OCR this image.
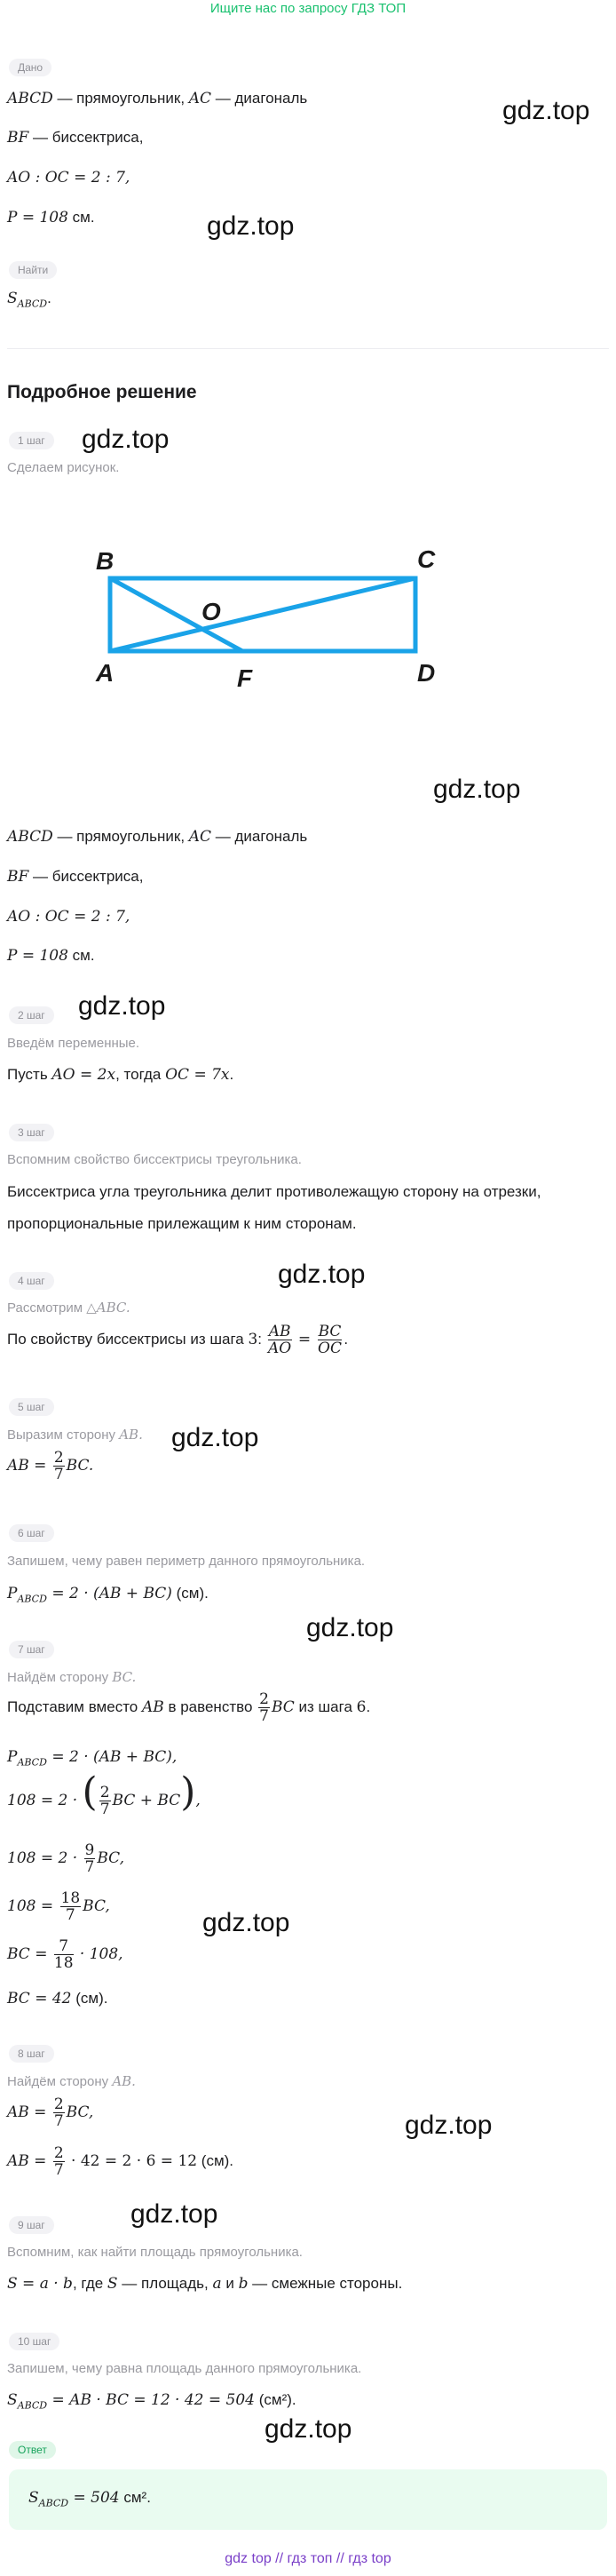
Ищите нас по запросу ГДЗ ТОП
Дано
ABCD — прямоугольник, AC — диагональ
BF — биссектриса,
AO : OC = 2 : 7,
P = 108 см.
Найти
$S_{ABCD}$.
gdz.top
gdz.top
Подробное решение
1 шаг	gdz.top
Сделаем рисунок.
B	C
O
A	F	D
gdz.top
ABCD — прямоугольник, AC — диагональ
BF — биссектриса,
AO : OC = 2 : 7,
P = 108 см.
2 шаг	gdz.top
Введём переменные.
Пусть AO = 2x, тогда OC = 7x.
3 шаг
Вспомним свойство биссектрисы треугольника.
Биссектриса угла треугольника делит противолежащую сторону на отрезки,
пропорциональные прилежащим к ним сторонам.
gdz.top
4 шаг
Рассмотрим △ABC.
По свойству биссектрисы из шага 3: $\frac{AB}{AO} = \frac{BC}{OC}$ .
5 шаг
gdz.top
Выразим сторону AB.
AB = $\frac{2}{7}$ BC.
6 шаг
Запишем, чему равен периметр данного прямоугольника.
$P_{ABCD} = 2 \cdot (AB + BC)$ (см).
gdz.top
7 шаг
Найдём сторону BC.
Подставим вместо AB в равенство $\frac{2}{7}$ BC из шага 6.
$P_{ABCD} = 2 \cdot (AB + BC)$,
108 = 2 · ( $\frac{2}{7}$ BC + BC),
$108 = 2 \cdot \frac{9}{7}$ BC,
$108 = \frac{18}{7}$ BC,
gdz.top
BC = $\frac{7}{18} \cdot 108$,
BC = 42 (см).
8 шаг
Найдём сторону AB.
gdz.top
AB = $\frac{2}{7}$ BC,
AB = $\frac{2}{7} \cdot 42 = 2 \cdot 6 = 12$ (см).
gdz.top
9 шаг
Вспомним, как найти площадь прямоугольника.
S = a · b, где S — площадь, a и b — смежные стороны.
10 шаг
Запишем, чему равна площадь данного прямоугольника.
$S_{ABCD}$ = AB · BC = 12 · 42 = 504 (см²).
gdz.top
Ответ
$S_{ABCD} = 504$ см².
gdz top // гдз топ // гдз top
